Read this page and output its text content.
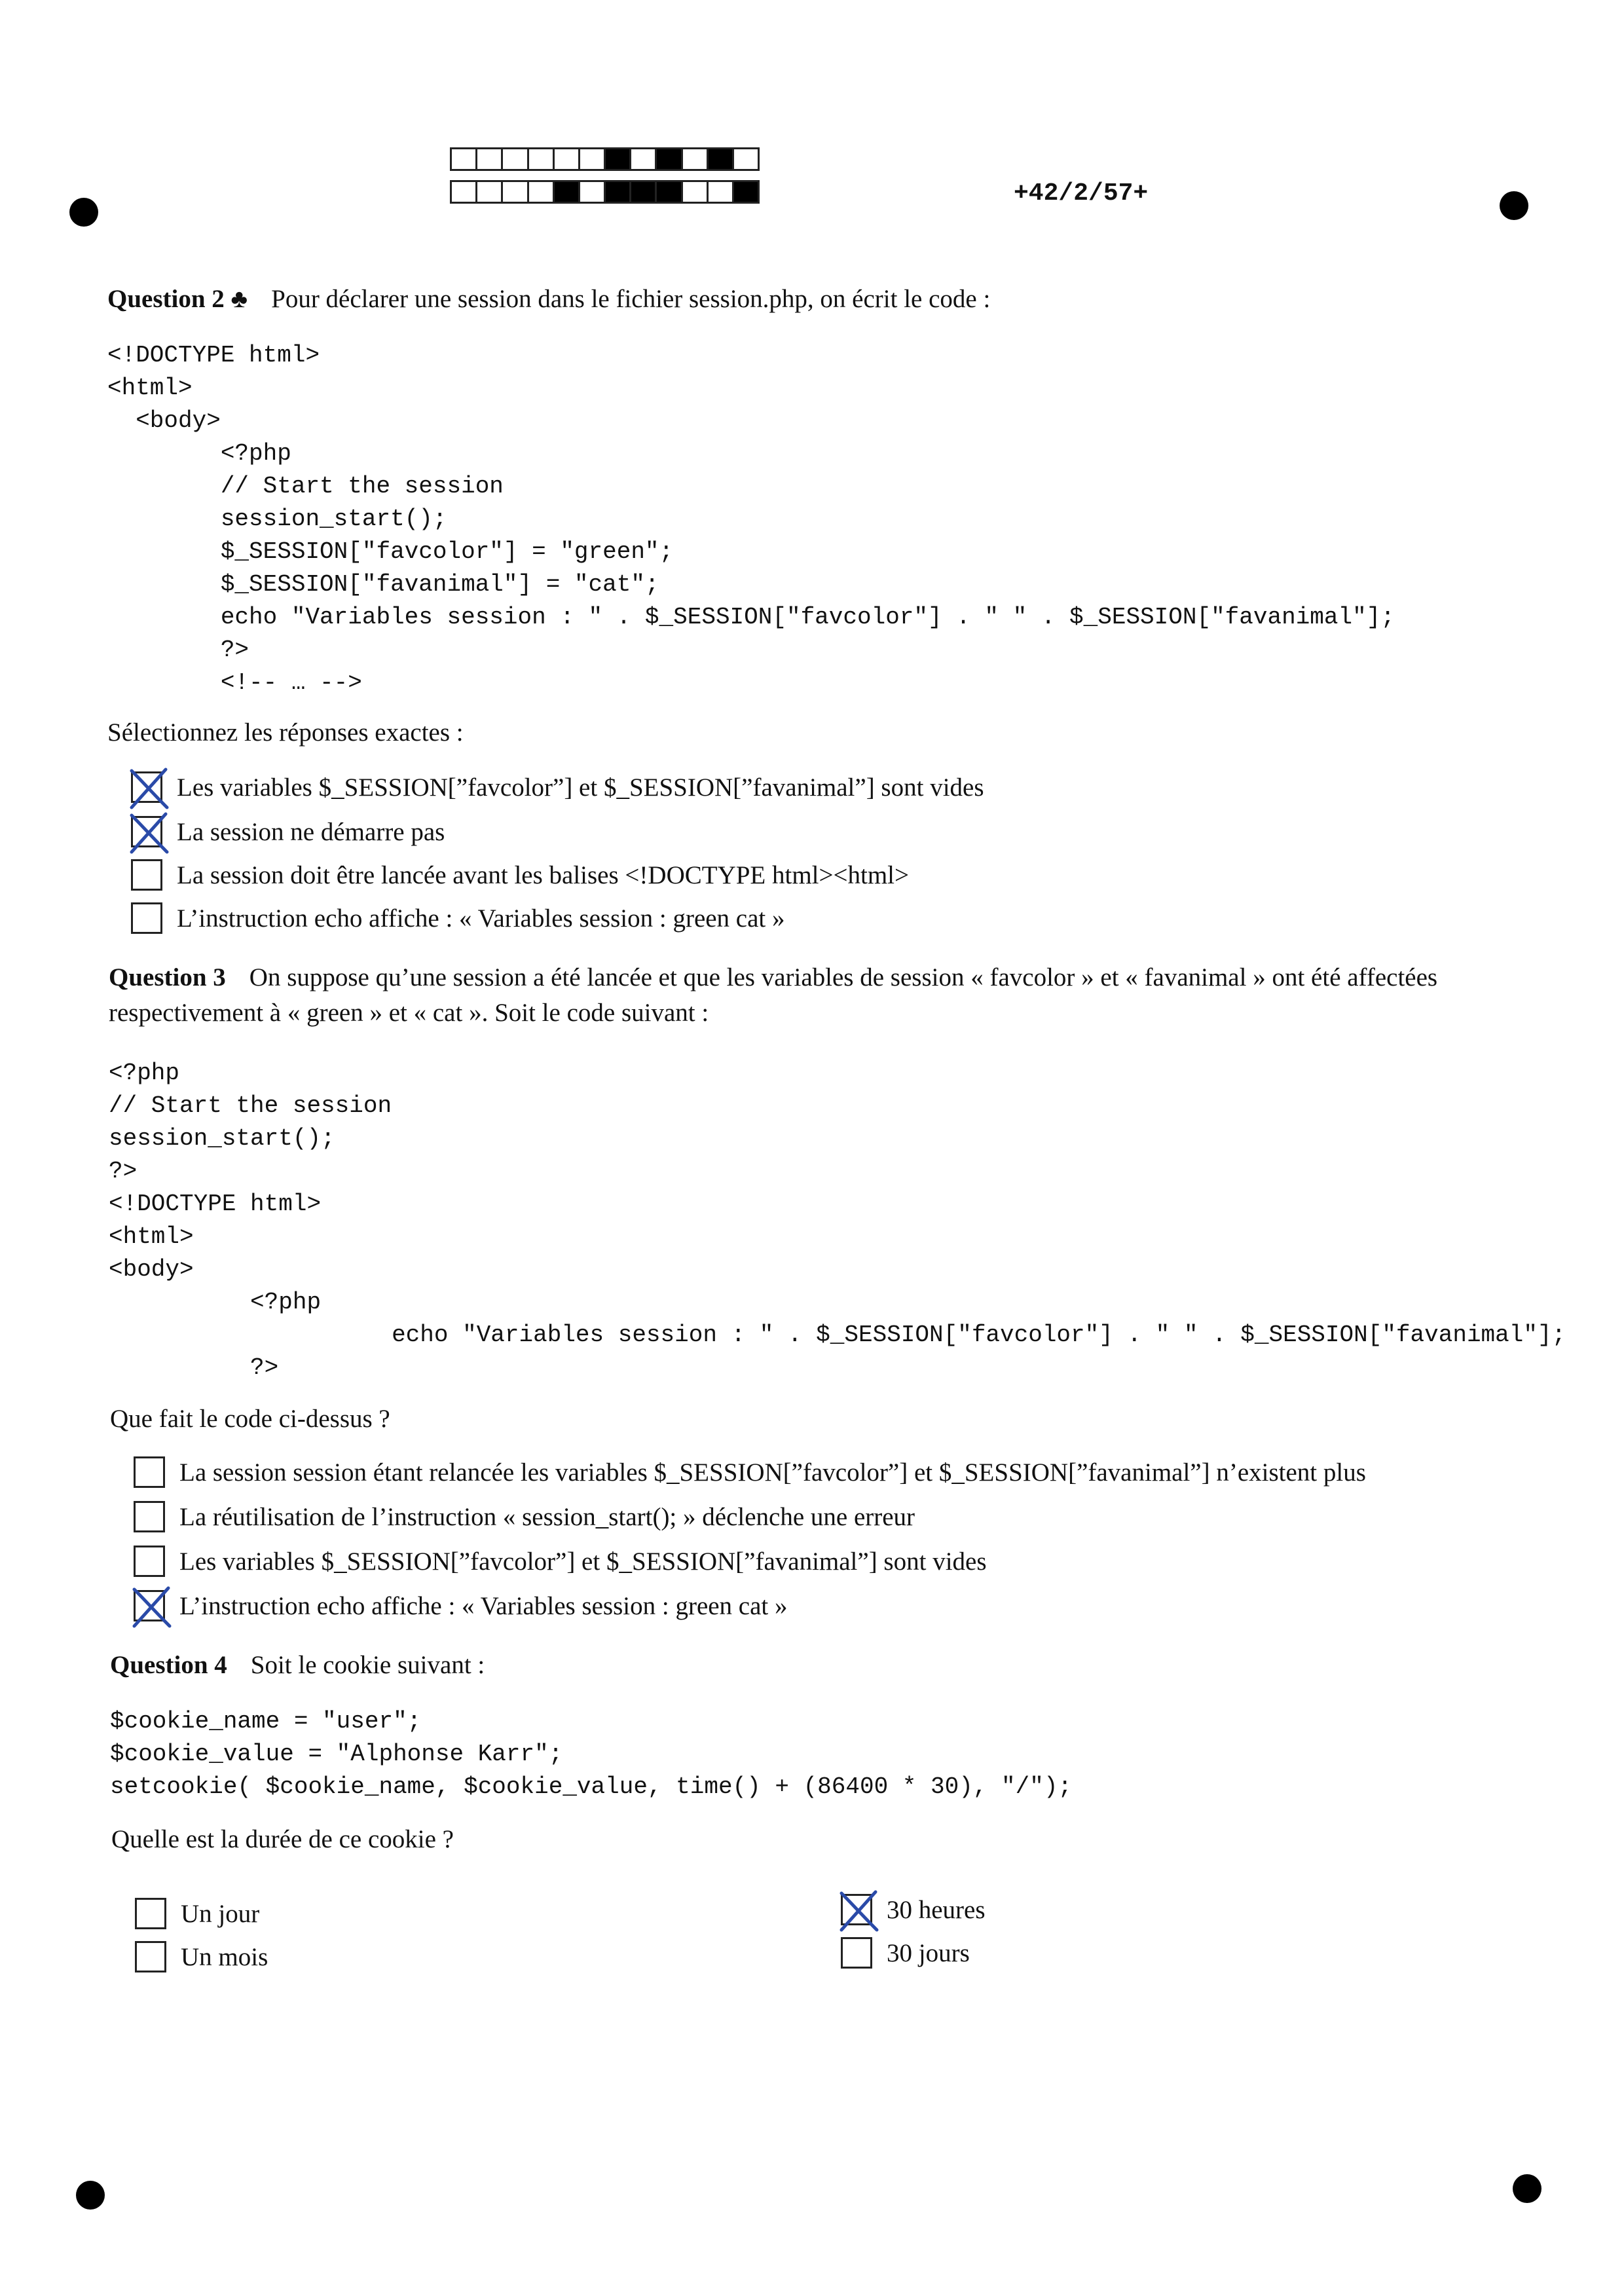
+42/2/57+
Question 2 ♣ Pour déclarer une session dans le fichier session.php, on écrit le code :
<!DOCTYPE html>
<html>
<body>
<?php
// Start the session
session_start();
$_SESSION["favcolor"] = "green";
$_SESSION["favanimal"] = "cat";
echo "Variables session : " . $_SESSION["favcolor"] . " " . $_SESSION["favanimal"];
?>
<!-- … -->
Sélectionnez les réponses exactes :
Les variables $_SESSION[”favcolor”] et $_SESSION[”favanimal”] sont vides
La session ne démarre pas
La session doit être lancée avant les balises <!DOCTYPE html><html>
L’instruction echo affiche : « Variables session : green cat »
Question 3 On suppose qu’une session a été lancée et que les variables de session « favcolor » et « favanimal » ont été affectées respectivement à « green » et « cat ». Soit le code suivant :
<?php
// Start the session
session_start();
?>
<!DOCTYPE html>
<html>
<body>
<?php
echo "Variables session : " . $_SESSION["favcolor"] . " " . $_SESSION["favanimal"];
?>
Que fait le code ci-dessus ?
La session session étant relancée les variables $_SESSION[”favcolor”] et $_SESSION[”favanimal”] n’existent plus
La réutilisation de l’instruction « session_start(); » déclenche une erreur
Les variables $_SESSION[”favcolor”] et $_SESSION[”favanimal”] sont vides
L’instruction echo affiche : « Variables session : green cat »
Question 4 Soit le cookie suivant :
$cookie_name = "user";
$cookie_value = "Alphonse Karr";
setcookie( $cookie_name, $cookie_value, time() + (86400 * 30), "/");
Quelle est la durée de ce cookie ?
Un jour
Un mois
30 heures
30 jours
